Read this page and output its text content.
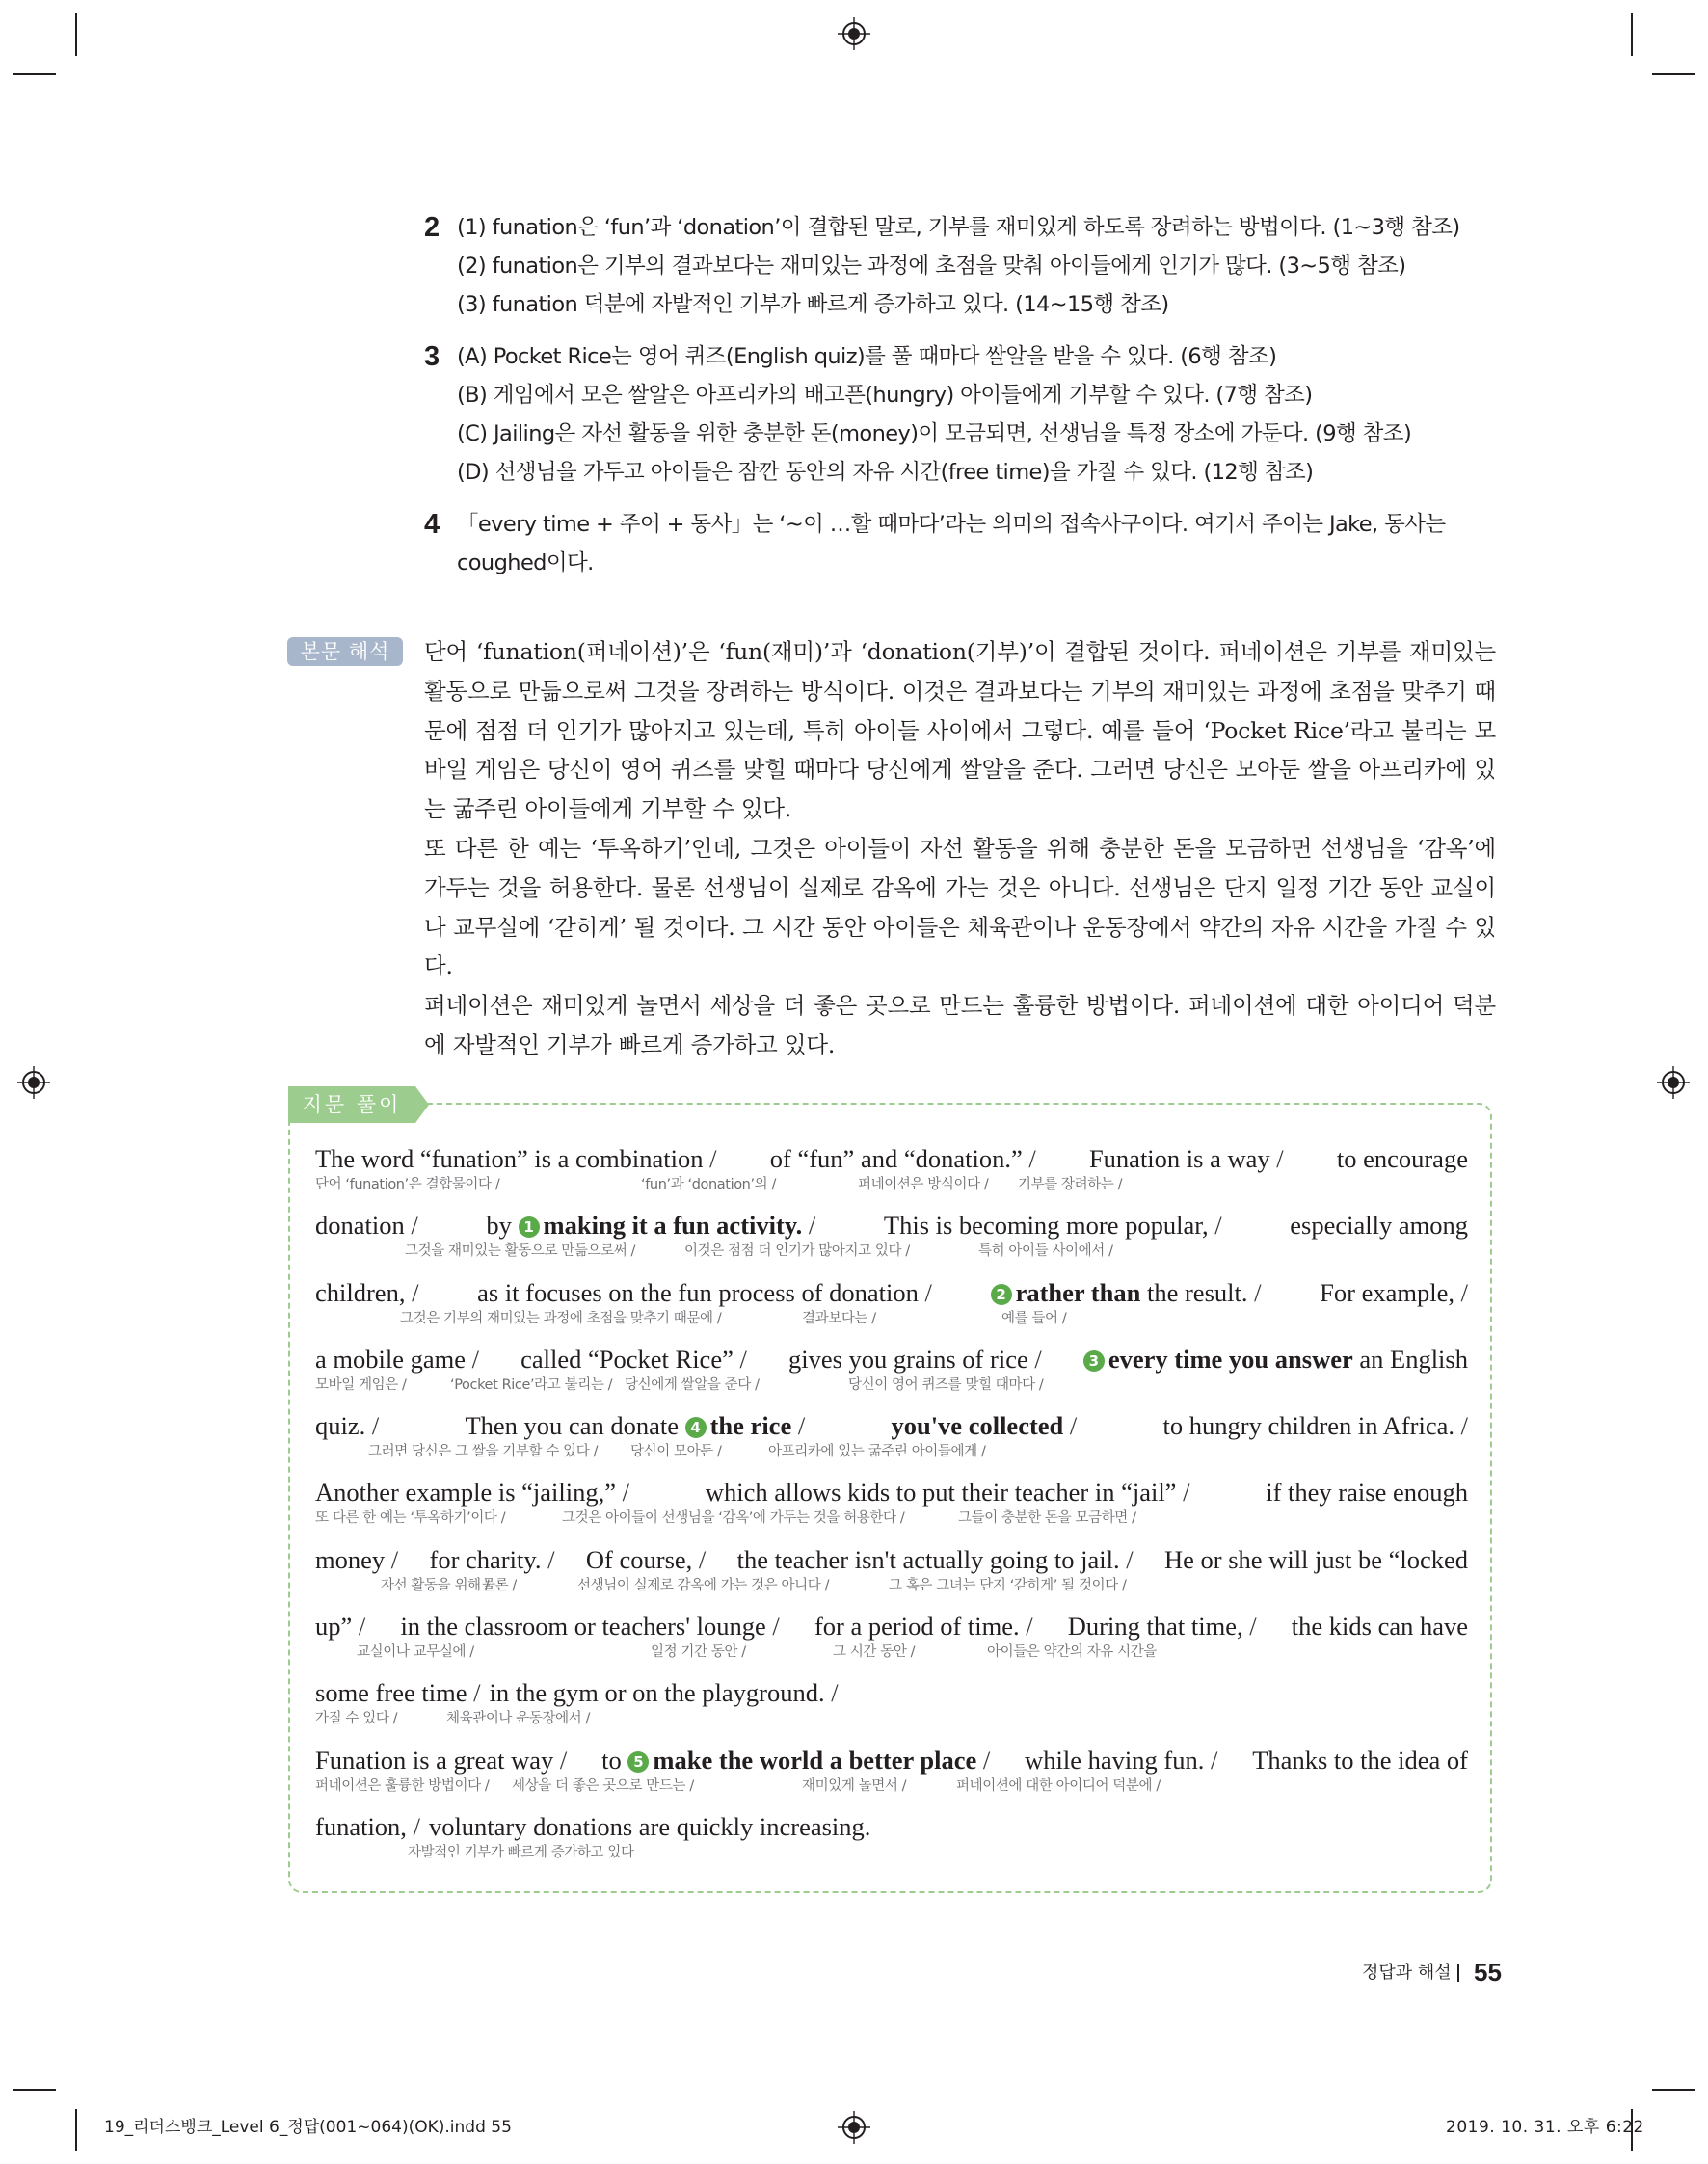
2 (1) funation은 ‘fun’과 ‘donation’이 결합된 말로, 기부를 재미있게 하도록 장려하는 방법이다. (1~3행 참조)
(2) funation은 기부의 결과보다는 재미있는 과정에 초점을 맞춰 아이들에게 인기가 많다. (3~5행 참조)
(3) funation 덕분에 자발적인 기부가 빠르게 증가하고 있다. (14~15행 참조)
3 (A) Pocket Rice는 영어 퀴즈(English quiz)를 풀 때마다 쌀알을 받을 수 있다. (6행 참조)
(B) 게임에서 모은 쌀알은 아프리카의 배고픈(hungry) 아이들에게 기부할 수 있다. (7행 참조)
(C) Jailing은 자선 활동을 위한 충분한 돈(money)이 모금되면, 선생님을 특정 장소에 가둔다. (9행 참조)
(D) 선생님을 가두고 아이들은 잠깐 동안의 자유 시간(free time)을 가질 수 있다. (12행 참조)
4 「every time + 주어 + 동사」는 ‘~이 …할 때마다’라는 의미의 접속사구이다. 여기서 주어는 Jake, 동사는
coughed이다.
본문 해석	단어 ‘funation(퍼네이션)’은 ‘fun(재미)’과 ‘donation(기부)’이 결합된 것이다. 퍼네이션은 기부를 재미있는 활동으로 만듦으로써 그것을 장려하는 방식이다. 이것은 결과보다는 기부의 재미있는 과정에 초점을 맞추기 때문에 점점 더 인기가 많아지고 있는데, 특히 아이들 사이에서 그렇다. 예를 들어 ‘Pocket Rice’라고 불리는 모바일 게임은 당신이 영어 퀴즈를 맞힐 때마다 당신에게 쌀알을 준다. 그러면 당신은 모아둔 쌀을 아프리카에 있는 굶주린 아이들에게 기부할 수 있다.

또 다른 한 예는 ‘투옥하기’인데, 그것은 아이들이 자선 활동을 위해 충분한 돈을 모금하면 선생님을 ‘감옥’에 가두는 것을 허용한다. 물론 선생님이 실제로 감옥에 가는 것은 아니다. 선생님은 단지 일정 기간 동안 교실이나 교무실에 ‘갇히게’ 될 것이다. 그 시간 동안 아이들은 체육관이나 운동장에서 약간의 자유 시간을 가질 수 있다.

퍼네이션은 재미있게 놀면서 세상을 더 좋은 곳으로 만드는 훌륭한 방법이다. 퍼네이션에 대한 아이디어 덕분에 자발적인 기부가 빠르게 증가하고 있다.

지문 풀이
The word “funation” is a combination / of “fun” and “donation.” / Funation is a way / to encourage
단어 ‘funation’은 결합물이다 /	‘fun’과 ‘donation’의 /	퍼네이션은 방식이다 / 기부를 장려하는 /
donation /	by 1 making it a fun activity. /	This is becoming more popular, /	especially among
그것을 재미있는 활동으로 만듦으로써 /	이것은 점점 더 인기가 많아지고 있다 /	특히 아이들 사이에서 /
children, / as it focuses on the fun process of donation /	2 rather than the result. / For example, /
그것은 기부의 재미있는 과정에 초점을 맞추기 때문에 /	결과보다는 /	예를 들어 /
a mobile game / called “Pocket Rice” / gives you grains of rice /	3 every time you answer an English
모바일 게임은 /	‘Pocket Rice’라고 불리는 / 당신에게 쌀알을 준다 /	당신이 영어 퀴즈를 맞힐 때마다 /
quiz. /	Then you can donate 4 the rice /	you've collected /	to hungry children in Africa. /
그러면 당신은 그 쌀을 기부할 수 있다 / 당신이 모아둔 /	아프리카에 있는 굶주린 아이들에게 /
Another example is “jailing,” /	which allows kids to put their teacher in “jail” /	if they raise enough
또 다른 한 예는 ‘투옥하기’이다 /	그것은 아이들이 선생님을 ‘감옥’에 가두는 것을 허용한다 /	그들이 충분한 돈을 모금하면 /
money / for charity. / Of course, / the teacher isn't actually going to jail. / He or she will just be “locked
자선 활동을 위해 /
물론 /	선생님이 실제로 감옥에 가는 것은 아니다 /	그 혹은 그녀는 단지 ‘갇히게’ 될 것이다 /
up” / in the classroom or teachers' lounge / for a period of time. / During that time, / the kids can have
교실이나 교무실에 /	일정 기간 동안 /	그 시간 동안 /	아이들은 약간의 자유 시간을
some free time / in the gym or on the playground. /
가질 수 있다 /	체육관이나 운동장에서 /
Funation is a great way / to 5 make the world a better place / while having fun. / Thanks to the idea of
퍼네이션은 훌륭한 방법이다 / 세상을 더 좋은 곳으로 만드는 /	재미있게 놀면서 /	퍼네이션에 대한 아이디어 덕분에 /
funation, / voluntary donations are quickly increasing.
자발적인 기부가 빠르게 증가하고 있다
정답과 해설 55
19_리더스뱅크_Level 6_정답(001~064)(OK).indd 55	2019. 10. 31. 오후 6:22
